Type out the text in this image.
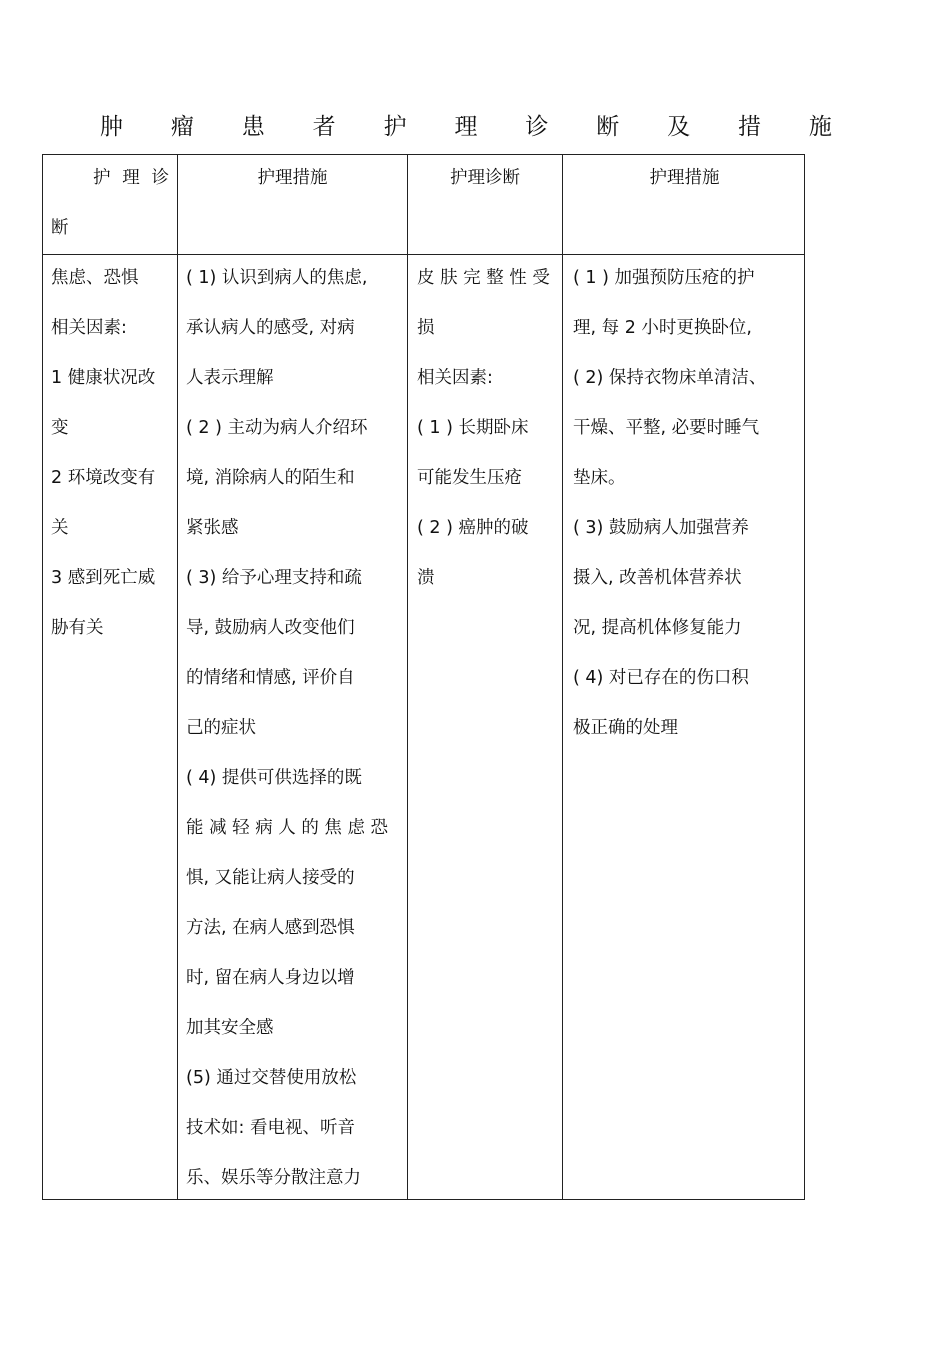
肿 瘤 患 者 护 理 诊 断 及 措 施
护 理 诊
断
护理措施	护理诊断	护理措施
焦虑、恐惧
相关因素:
1 健康状况改
变
2 环境改变有
关
3 感到死亡威
胁有关
( 1) 认识到病人的焦虑,
承认病人的感受, 对病
人表示理解
( 2 ) 主动为病人介绍环
境, 消除病人的陌生和
紧张感
( 3) 给予心理支持和疏
导, 鼓励病人改变他们
的情绪和情感, 评价自
己的症状
( 4) 提供可供选择的既
能 减 轻 病 人 的 焦 虑 恐
惧, 又能让病人接受的
方法, 在病人感到恐惧
时, 留在病人身边以增
加其安全感
(5) 通过交替使用放松
技术如: 看电视、听音
乐、娱乐等分散注意力
皮 肤 完 整 性 受
损
相关因素:
( 1 ) 长期卧床
可能发生压疮
( 2 ) 癌肿的破
溃
( 1 ) 加强预防压疮的护
理, 每 2 小时更换卧位,
( 2) 保持衣物床单清洁、
干燥、平整, 必要时睡气
垫床。
( 3) 鼓励病人加强营养
摄入, 改善机体营养状
况, 提高机体修复能力
( 4) 对已存在的伤口积
极正确的处理
